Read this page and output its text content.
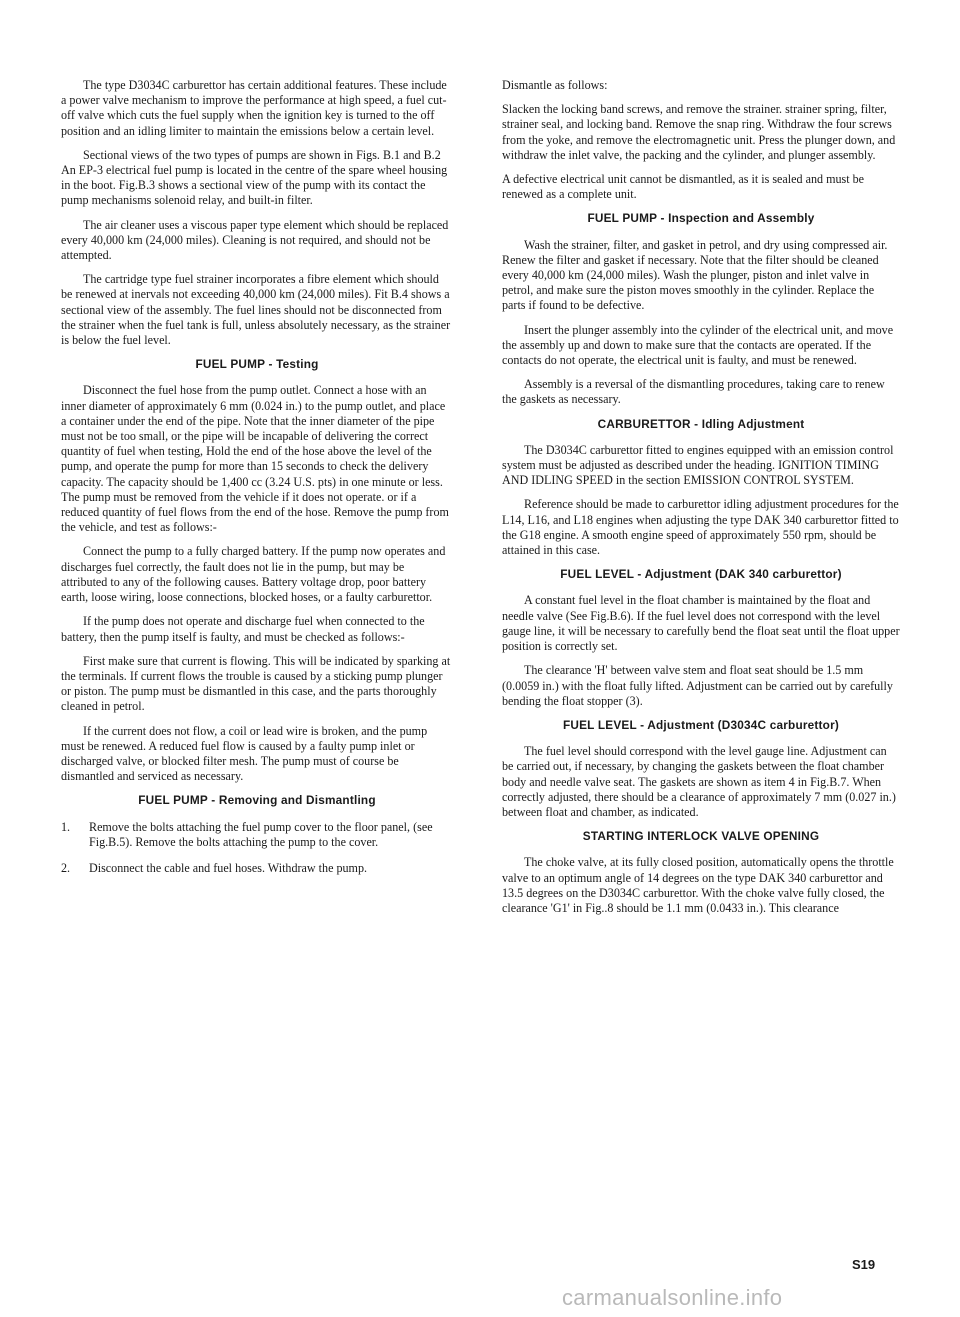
The type D3034C carburettor has certain additional features. These include a power valve mechanism to improve the performance at high speed, a fuel cut-off valve which cuts the fuel supply when the ignition key is turned to the off position and an idling limiter to maintain the emissions below a certain level.

Sectional views of the two types of pumps are shown in Figs. B.1 and B.2 An EP-3 electrical fuel pump is located in the centre of the spare wheel housing in the boot. Fig.B.3 shows a sectional view of the pump with its contact the pump mechanisms solenoid relay, and built-in filter.

The air cleaner uses a viscous paper type element which should be replaced every 40,000 km (24,000 miles). Cleaning is not required, and should not be attempted.

The cartridge type fuel strainer incorporates a fibre element which should be renewed at inervals not exceeding 40,000 km (24,000 miles). Fit B.4 shows a sectional view of the assembly. The fuel lines should not be disconnected from the strainer when the fuel tank is full, unless absolutely necessary, as the strainer is below the fuel level.

FUEL PUMP - Testing

Disconnect the fuel hose from the pump outlet. Connect a hose with an inner diameter of approximately 6 mm (0.024 in.) to the pump outlet, and place a container under the end of the pipe. Note that the inner diameter of the pipe must not be too small, or the pipe will be incapable of delivering the correct quantity of fuel when testing, Hold the end of the hose above the level of the pump, and operate the pump for more than 15 seconds to check the delivery capacity. The capacity should be 1,400 cc (3.24 U.S. pts) in one minute or less. The pump must be removed from the vehicle if it does not operate. or if a reduced quantity of fuel flows from the end of the hose. Remove the pump from the vehicle, and test as follows:-

Connect the pump to a fully charged battery. If the pump now operates and discharges fuel correctly, the fault does not lie in the pump, but may be attributed to any of the following causes. Battery voltage drop, poor battery earth, loose wiring, loose connections, blocked hoses, or a faulty carburettor.

If the pump does not operate and discharge fuel when connected to the battery, then the pump itself is faulty, and must be checked as follows:-

First make sure that current is flowing. This will be indicated by sparking at the terminals. If current flows the trouble is caused by a sticking pump plunger or piston. The pump must be dismantled in this case, and the parts thoroughly cleaned in petrol.

If the current does not flow, a coil or lead wire is broken, and the pump must be renewed. A reduced fuel flow is caused by a faulty pump inlet or discharged valve, or blocked filter mesh. The pump must of course be dismantled and serviced as necessary.

FUEL PUMP - Removing and Dismantling
1.	Remove the bolts attaching the fuel pump cover to the floor panel, (see Fig.B.5). Remove the bolts attaching the pump to the cover.
2.	Disconnect the cable and fuel hoses. Withdraw the pump.

Dismantle as follows:

Slacken the locking band screws, and remove the strainer. strainer spring, filter, strainer seal, and locking band. Remove the snap ring. Withdraw the four screws from the yoke, and remove the electromagnetic unit. Press the plunger down, and withdraw the inlet valve, the packing and the cylinder, and plunger assembly.

A defective electrical unit cannot be dismantled, as it is sealed and must be renewed as a complete unit.

FUEL PUMP - Inspection and Assembly

Wash the strainer, filter, and gasket in petrol, and dry using compressed air. Renew the filter and gasket if necessary. Note that the filter should be cleaned every 40,000 km (24,000 miles). Wash the plunger, piston and inlet valve in petrol, and make sure the piston moves smoothly in the cylinder. Replace the parts if found to be defective.

Insert the plunger assembly into the cylinder of the electrical unit, and move the assembly up and down to make sure that the contacts are operated. If the contacts do not operate, the electrical unit is faulty, and must be renewed.

Assembly is a reversal of the dismantling procedures, taking care to renew the gaskets as necessary.

CARBURETTOR - Idling Adjustment

The D3034C carburettor fitted to engines equipped with an emission control system must be adjusted as described under the heading. IGNITION TIMING AND IDLING SPEED in the section EMISSION CONTROL SYSTEM.

Reference should be made to carburettor idling adjustment procedures for the L14, L16, and L18 engines when adjusting the type DAK 340 carburettor fitted to the G18 engine. A smooth engine speed of approximately 550 rpm, should be attained in this case.

FUEL LEVEL - Adjustment (DAK 340 carburettor)

A constant fuel level in the float chamber is maintained by the float and needle valve (See Fig.B.6). If the fuel level does not correspond with the level gauge line, it will be necessary to carefully bend the float seat until the float upper position is correctly set.

The clearance 'H' between valve stem and float seat should be 1.5 mm (0.0059 in.) with the float fully lifted. Adjustment can be carried out by carefully bending the float stopper (3).

FUEL LEVEL - Adjustment (D3034C carburettor)

The fuel level should correspond with the level gauge line. Adjustment can be carried out, if necessary, by changing the gaskets between the float chamber body and needle valve seat. The gaskets are shown as item 4 in Fig.B.7. When correctly adjusted, there should be a clearance of approximately 7 mm (0.027 in.) between float and chamber, as indicated.

STARTING INTERLOCK VALVE OPENING

The choke valve, at its fully closed position, automatically opens the throttle valve to an optimum angle of 14 degrees on the type DAK 340 carburettor and 13.5 degrees on the D3034C carburettor. With the choke valve fully closed, the clearance 'G1' in Fig..8 should be 1.1 mm (0.0433 in.). This clearance

S19
carmanualsonline.info
